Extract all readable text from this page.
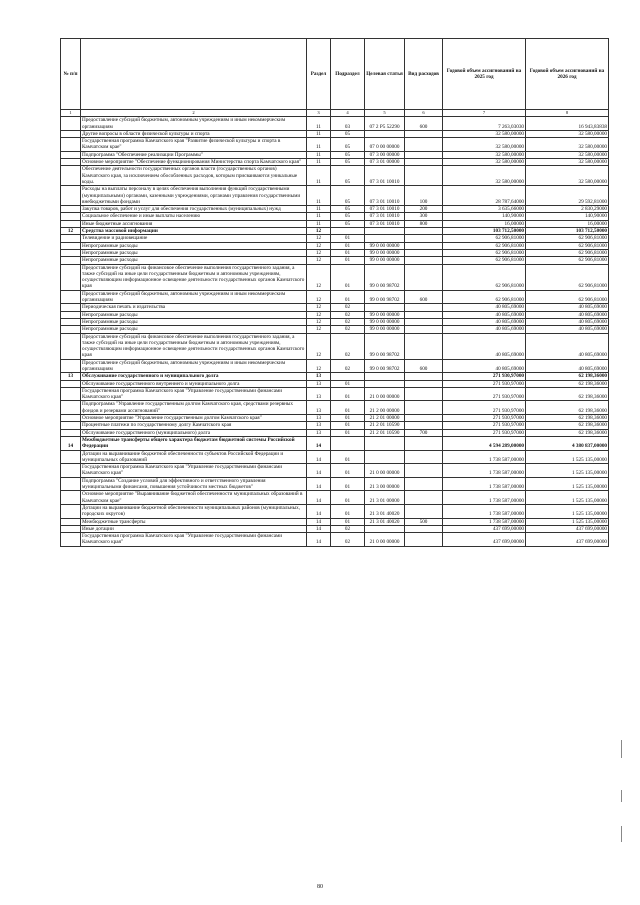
№ п/п		Раздел	Подраздел	Целевая статья	Вид расходов	Годовой объем ассигнований на 2025 год	Годовой объем ассигнований на 2026 год
1	2	3	4	5	6	7	8
	Предоставление субсидий бюджетным, автономным учреждениям и иным некоммерческим организациям	11	03	07 2 P5 52290	600	7 263,03030	16 943,83838
	Другие вопросы в области физической культуры и спорта	11	05			32 580,00000	32 580,00000
	Государственная программа Камчатского края "Развитие физической культуры и спорта в Камчатском крае"	11	05	07 0 00 00000		32 580,00000	32 580,00000
	Подпрограмма "Обеспечение реализации Программы"	11	05	07 3 00 00000		32 580,00000	32 580,00000
	Основное мероприятие "Обеспечение функционирования Министерства спорта Камчатского края"	11	05	07 3 01 00000		32 580,00000	32 580,00000
	Обеспечение деятельности государственных органов власти (государственных органов) Камчатского края, за исключением обособленных расходов, которым присваиваются уникальные коды.	11	05	07 3 01 10010		32 580,00000	32 580,00000
	Расходы на выплаты персоналу в целях обеспечения выполнения функций государственными (муниципальными) органами, казенными учреждениями, органами управления государственными внебюджетными фондами	11	05	07 3 01 10010	100	28 787,64000	29 592,81000
	Закупка товаров, работ и услуг для обеспечения государственных (муниципальных) нужд	11	05	07 3 01 10010	200	3 635,66000	2 830,29000
	Социальное обеспечение и иные выплаты населению	11	05	07 3 01 10010	300	140,90000	140,90000
	Иные бюджетные ассигнования	11	05	07 3 01 10010	800	16,00000	16,00000
12	Средства массовой информации	12				103 712,50000	103 712,50000
	Телевидение и радиовещание	12	01			62 906,81000	62 906,81000
	Непрограммные расходы	12	01	99 0 00 00000		62 906,81000	62 906,81000
	Непрограммные расходы	12	01	99 0 00 00000		62 906,81000	62 906,81000
	Непрограммные расходы	12	01	99 0 00 00000		62 906,81000	62 906,81000
	Предоставление субсидий на финансовое обеспечение выполнения государственного задания, а также субсидий на иные цели государственным бюджетным и автономным учреждениям, осуществляющим информационное освещение деятельности государственных органов Камчатского края	12	01	99 0 00 98702		62 906,81000	62 906,81000
	Предоставление субсидий бюджетным, автономным учреждениям и иным некоммерческим организациям	12	01	99 0 00 98702	600	62 906,81000	62 906,81000
	Периодическая печать и издательства	12	02			40 805,69000	40 805,69000
	Непрограммные расходы	12	02	99 0 00 00000		40 805,69000	40 805,69000
	Непрограммные расходы	12	02	99 0 00 00000		40 805,69000	40 805,69000
	Непрограммные расходы	12	02	99 0 00 00000		40 805,69000	40 805,69000
	Предоставление субсидий на финансовое обеспечение выполнения государственного задания, а также субсидий на иные цели государственным бюджетным и автономным учреждениям, осуществляющим информационное освещение деятельности государственных органов Камчатского края	12	02	99 0 00 98702		40 805,69000	40 805,69000
	Предоставление субсидий бюджетным, автономным учреждениям и иным некоммерческим организациям	12	02	99 0 00 98702	600	40 805,69000	40 805,69000
13	Обслуживание государственного и муниципального долга	13				271 930,97000	62 198,36000
	Обслуживание государственного внутреннего и муниципального долга	13	01			271 930,97000	62 198,36000
	Государственная программа Камчатского края "Управление государственными финансами Камчатского края"	13	01	21 0 00 00000		271 930,97000	62 198,36000
	Подпрограмма "Управление государственным долгом Камчатского края, средствами резервных фондов и резервами ассигнований"	13	01	21 2 00 00000		271 930,97000	62 198,36000
	Основное мероприятие "Управление государственным долгом Камчатского края"	13	01	21 2 01 00000		271 930,97000	62 198,36000
	Процентные платежи по государственному долгу Камчатского края	13	01	21 2 01 10590		271 930,97000	62 198,36000
	Обслуживание государственного (муниципального) долга	13	01	21 2 01 10590	700	271 930,97000	62 198,36000
14	Межбюджетные трансферты общего характера бюджетам бюджетной системы Российской Федерации	14				4 594 289,00000	4 380 837,00000
	Дотации на выравнивание бюджетной обеспеченности субъектов Российской Федерации и муниципальных образований	14	01			1 738 587,00000	1 525 135,00000
	Государственная программа Камчатского края "Управление государственными финансами Камчатского края"	14	01	21 0 00 00000		1 738 587,00000	1 525 135,00000
	Подпрограмма "Создание условий для эффективного и ответственного управления муниципальными финансами, повышения устойчивости местных бюджетов"	14	01	21 3 00 00000		1 738 587,00000	1 525 135,00000
	Основное мероприятие "Выравнивание бюджетной обеспеченности муниципальных образований в Камчатском крае"	14	01	21 3 01 00000		1 738 587,00000	1 525 135,00000
	Дотации на выравнивание бюджетной обеспеченности муниципальных районов (муниципальных, городских округов)	14	01	21 3 01 40020		1 738 587,00000	1 525 135,00000
	Межбюджетные трансферты	14	01	21 3 01 40020	500	1 738 587,00000	1 525 135,00000
	Иные дотации	14	02			437 699,00000	437 699,00000
	Государственная программа Камчатского края "Управление государственными финансами Камчатского края"	14	02	21 0 00 00000		437 699,00000	437 699,00000
80
